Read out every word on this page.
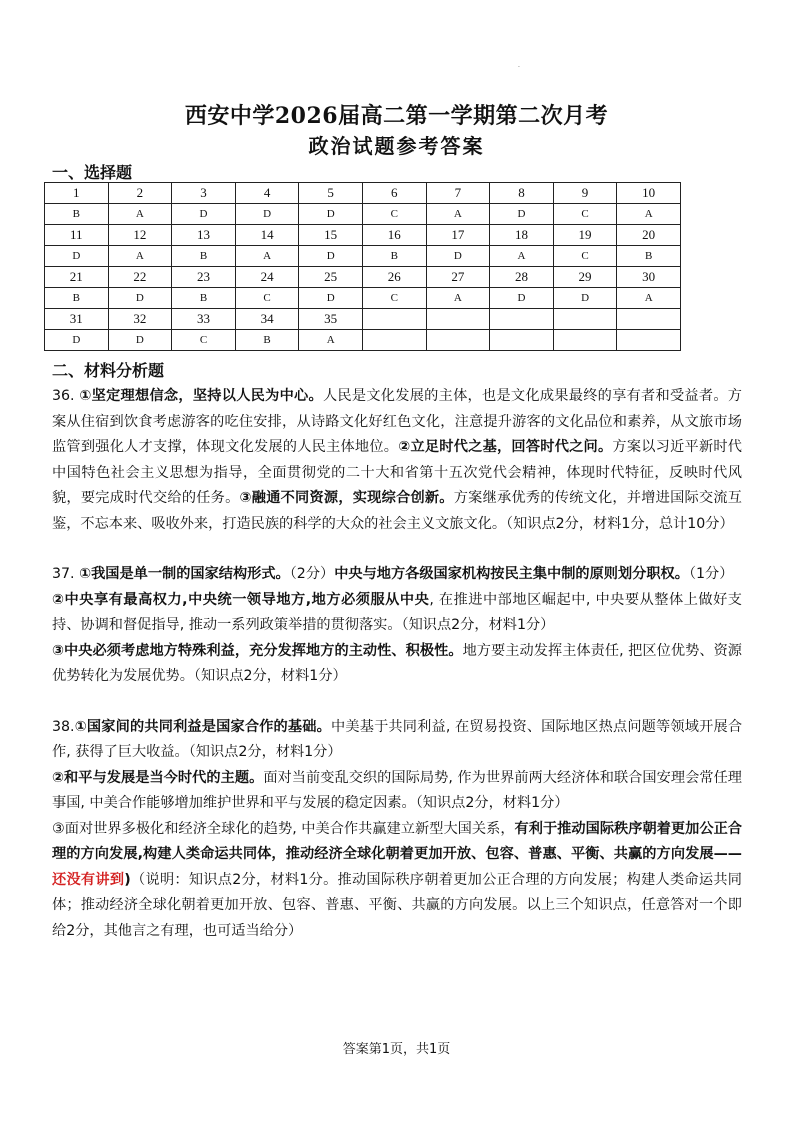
.
西安中学2026届高二第一学期第二次月考
政治试题参考答案
一、选择题
1	2	3	4	5	6	7	8	9	10
B	A	D	D	D	C	A	D	C	A
11	12	13	14	15	16	17	18	19	20
D	A	B	A	D	B	D	A	C	B
21	22	23	24	25	26	27	28	29	30
B	D	B	C	D	C	A	D	D	A
31	32	33	34	35					
D	D	C	B	A					
二、材料分析题

36. ①坚定理想信念，坚持以人民为中心。人民是文化发展的主体，也是文化成果最终的享有者和受益者。方案从住宿到饮食考虑游客的吃住安排，从诗路文化好红色文化，注意提升游客的文化品位和素养，从文旅市场监管到强化人才支撑，体现文化发展的人民主体地位。②立足时代之基，回答时代之问。方案以习近平新时代中国特色社会主义思想为指导，全面贯彻党的二十大和省第十五次党代会精神，体现时代特征，反映时代风貌，要完成时代交给的任务。③融通不同资源，实现综合创新。方案继承优秀的传统文化，并增进国际交流互鉴，不忘本来、吸收外来，打造民族的科学的大众的社会主义文旅文化。（知识点2分，材料1分，总计10分）

37. ①我国是单一制的国家结构形式。（2分）中央与地方各级国家机构按民主集中制的原则划分职权。（1分）

②中央享有最高权力,中央统一领导地方,地方必须服从中央, 在推进中部地区崛起中, 中央要从整体上做好支持、协调和督促指导, 推动一系列政策举措的贯彻落实。（知识点2分，材料1分）

③中央必须考虑地方特殊利益，充分发挥地方的主动性、积极性。地方要主动发挥主体责任, 把区位优势、资源优势转化为发展优势。（知识点2分，材料1分）

38.①国家间的共同利益是国家合作的基础。中美基于共同利益, 在贸易投资、国际地区热点问题等领域开展合作, 获得了巨大收益。（知识点2分，材料1分）

②和平与发展是当今时代的主题。面对当前变乱交织的国际局势, 作为世界前两大经济体和联合国安理会常任理事国, 中美合作能够增加维护世界和平与发展的稳定因素。（知识点2分，材料1分）

③面对世界多极化和经济全球化的趋势, 中美合作共赢建立新型大国关系，有利于推动国际秩序朝着更加公正合理的方向发展,构建人类命运共同体，推动经济全球化朝着更加开放、包容、普惠、平衡、共赢的方向发展——还没有讲到)（说明：知识点2分，材料1分。推动国际秩序朝着更加公正合理的方向发展；构建人类命运共同体；推动经济全球化朝着更加开放、包容、普惠、平衡、共赢的方向发展。以上三个知识点，任意答对一个即给2分，其他言之有理，也可适当给分）

答案第1页，共1页
